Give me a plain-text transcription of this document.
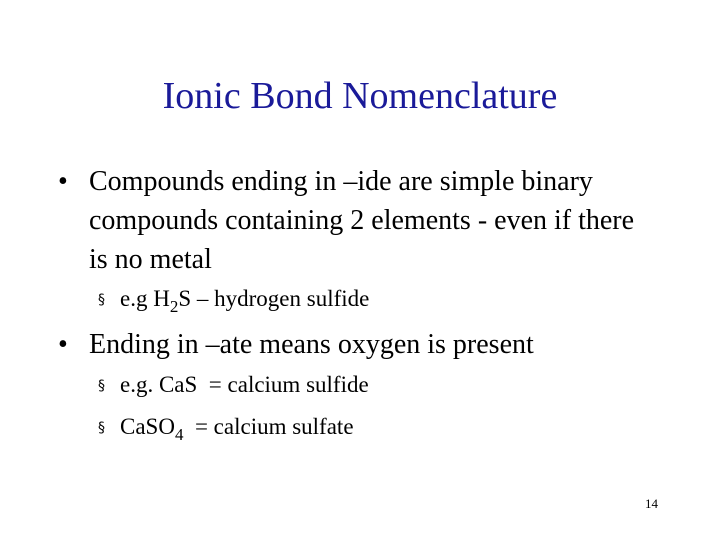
Ionic Bond Nomenclature
• Compounds ending in –ide are simple binary compounds containing 2 elements - even if there is no metal
§ e.g $H_2S$ – hydrogen sulfide
• Ending in –ate means oxygen is present
§ e.g. CaS  = calcium sulfide
§ CaSO$_4$  = calcium sulfate
14
